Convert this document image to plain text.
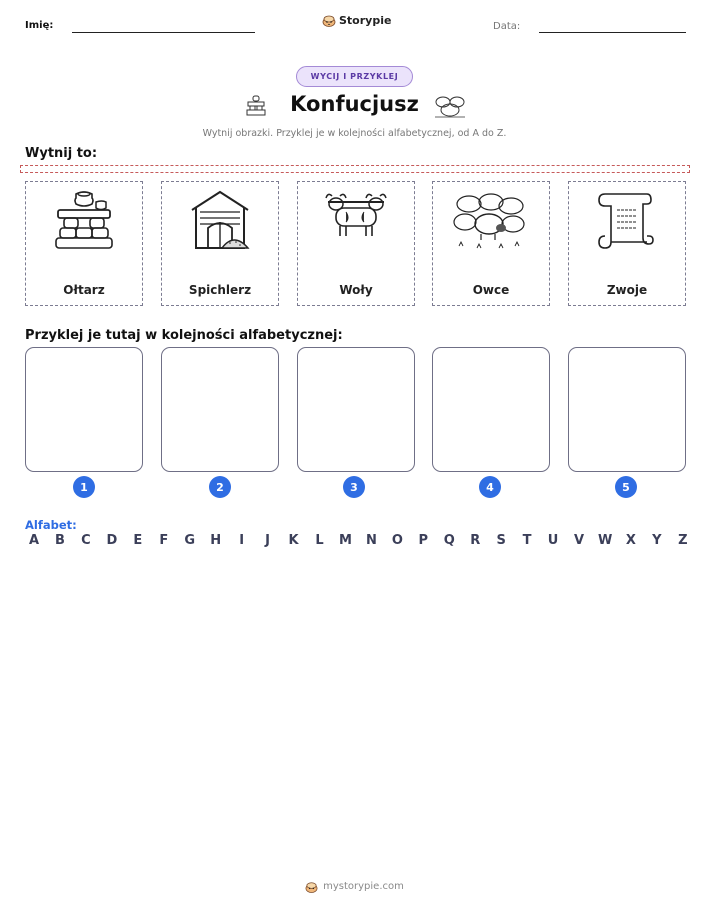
Imię:	Storypie	Data:
WYCIJ I PRZYKLEJ
Konfucjusz
Wytnij obrazki. Przyklej je w kolejności alfabetycznej, od A do Z.
Wytnij to:
Ołtarz	Spichlerz	Woły	Owce	Zwoje
Przyklej je tutaj w kolejności alfabetycznej:
1	2	3	4	5
Alfabet:
A B C D E F G H	I	J	K L M N O P Q R S T U V W X Y Z
mystorypie.com
